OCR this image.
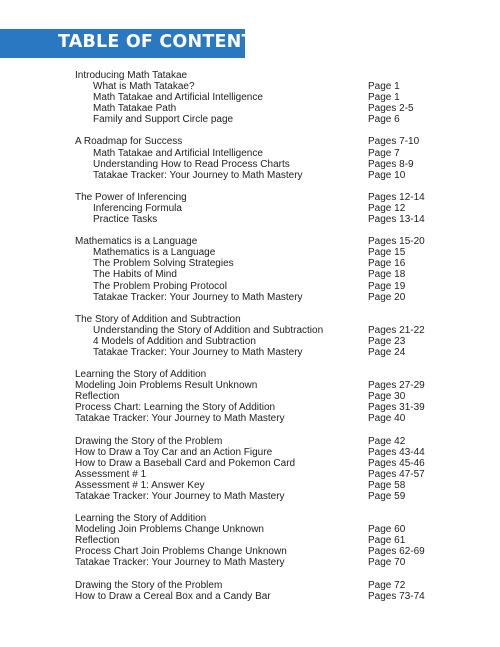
TABLE OF CONTENTS
Introducing Math Tatakae
What is Math Tatakae?	Page 1
Math Tatakae and Artificial Intelligence	Page 1
Math Tatakae Path	Pages 2-5
Family and Support Circle page	Page 6
A Roadmap for Success	Pages 7-10
Math Tatakae and Artificial Intelligence	Page 7
Understanding How to Read Process Charts	Pages 8-9
Tatakae Tracker: Your Journey to Math Mastery	Page 10
The Power of Inferencing	Pages 12-14
Inferencing Formula	Page 12
Practice Tasks	Pages 13-14
Mathematics is a Language	Pages 15-20
Mathematics is a Language	Page 15
The Problem Solving Strategies	Page 16
The Habits of Mind	Page 18
The Problem Probing Protocol	Page 19
Tatakae Tracker: Your Journey to Math Mastery	Page 20
The Story of Addition and Subtraction
Understanding the Story of Addition and Subtraction	Pages 21-22
4 Models of Addition and Subtraction	Page 23
Tatakae Tracker: Your Journey to Math Mastery	Page 24
Learning the Story of Addition
Modeling Join Problems Result Unknown	Pages 27-29
Reflection	Page 30
Process Chart: Learning the Story of Addition	Pages 31-39
Tatakae Tracker: Your Journey to Math Mastery	Page 40
Drawing the Story of the Problem	Page 42
How to Draw a Toy Car and an Action Figure	Pages 43-44
How to Draw a Baseball Card and Pokemon Card	Pages 45-46
Assessment # 1	Pages 47-57
Assessment # 1: Answer Key	Page 58
Tatakae Tracker: Your Journey to Math Mastery	Page 59
Learning the Story of Addition
Modeling Join Problems Change Unknown	Page 60
Reflection	Page 61
Process Chart Join Problems Change Unknown	Pages 62-69
Tatakae Tracker: Your Journey to Math Mastery	Page 70
Drawing the Story of the Problem	Page 72
How to Draw a Cereal Box and a Candy Bar	Pages 73-74
